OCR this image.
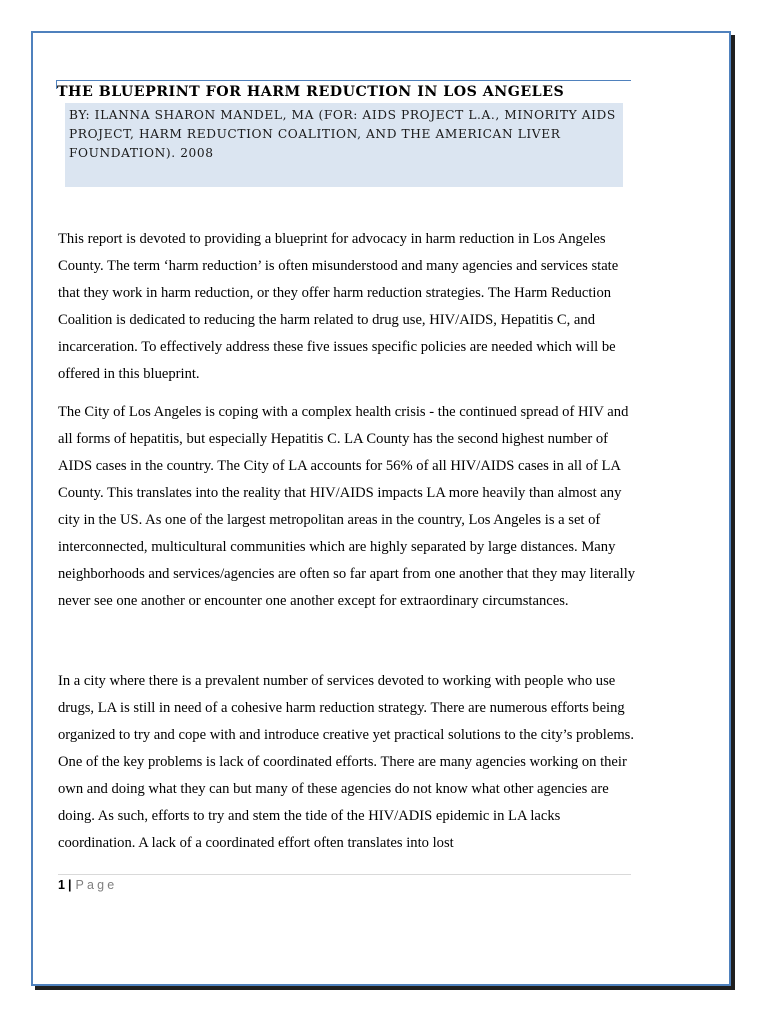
THE BLUEPRINT FOR HARM REDUCTION IN LOS ANGELES

BY: ILANNA SHARON MANDEL, MA (FOR: AIDS PROJECT L.A., MINORITY AIDS PROJECT, HARM REDUCTION COALITION, AND THE AMERICAN LIVER FOUNDATION). 2008

This report is devoted to providing a blueprint for advocacy in harm reduction in Los Angeles County. The term ‘harm reduction’ is often misunderstood and many agencies and services state that they work in harm reduction, or they offer harm reduction strategies. The Harm Reduction Coalition is dedicated to reducing the harm related to drug use, HIV/AIDS, Hepatitis C, and incarceration. To effectively address these five issues specific policies are needed which will be offered in this blueprint.

The City of Los Angeles is coping with a complex health crisis - the continued spread of HIV and all forms of hepatitis, but especially Hepatitis C. LA County has the second highest number of AIDS cases in the country. The City of LA accounts for 56% of all HIV/AIDS cases in all of LA County. This translates into the reality that HIV/AIDS impacts LA more heavily than almost any city in the US. As one of the largest metropolitan areas in the country, Los Angeles is a set of interconnected, multicultural communities which are highly separated by large distances. Many neighborhoods and services/agencies are often so far apart from one another that they may literally never see one another or encounter one another except for extraordinary circumstances.

In a city where there is a prevalent number of services devoted to working with people who use drugs, LA is still in need of a cohesive harm reduction strategy. There are numerous efforts being organized to try and cope with and introduce creative yet practical solutions to the city’s problems. One of the key problems is lack of coordinated efforts. There are many agencies working on their own and doing what they can but many of these agencies do not know what other agencies are doing. As such, efforts to try and stem the tide of the HIV/ADIS epidemic in LA lacks coordination. A lack of a coordinated effort often translates into lost

1 | Page
